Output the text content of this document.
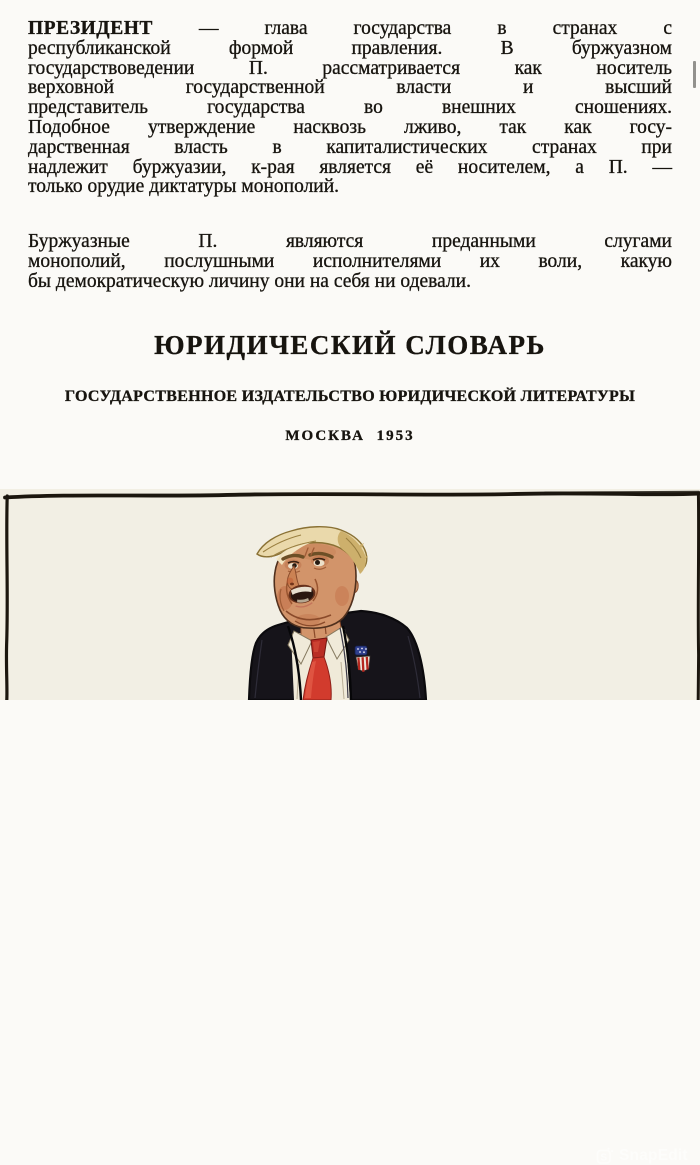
ПРЕЗИДЕНТ — глава государства в странах с
республиканской формой правления. В буржуазном
государствоведении П. рассматривается как носитель
верховной государственной власти и высший
представитель государства во внешних сношениях.
Подобное утверждение насквозь лживо, так как госу-
дарственная власть в капиталистических странах при
надлежит буржуазии, к-рая является её носителем, а П. —
только орудие диктатуры монополий.
Буржуазные П. являются преданными слугами
монополий, послушными исполнителями их воли, какую
бы демократическую личину они на себя ни одевали.
ЮРИДИЧЕСКИЙ СЛОВАРЬ
ГОСУДАРСТВЕННОЕ ИЗДАТЕЛЬСТВО ЮРИДИЧЕСКОЙ ЛИТЕРАТУРЫ
МОСКВА 1953
S SnapEdit
